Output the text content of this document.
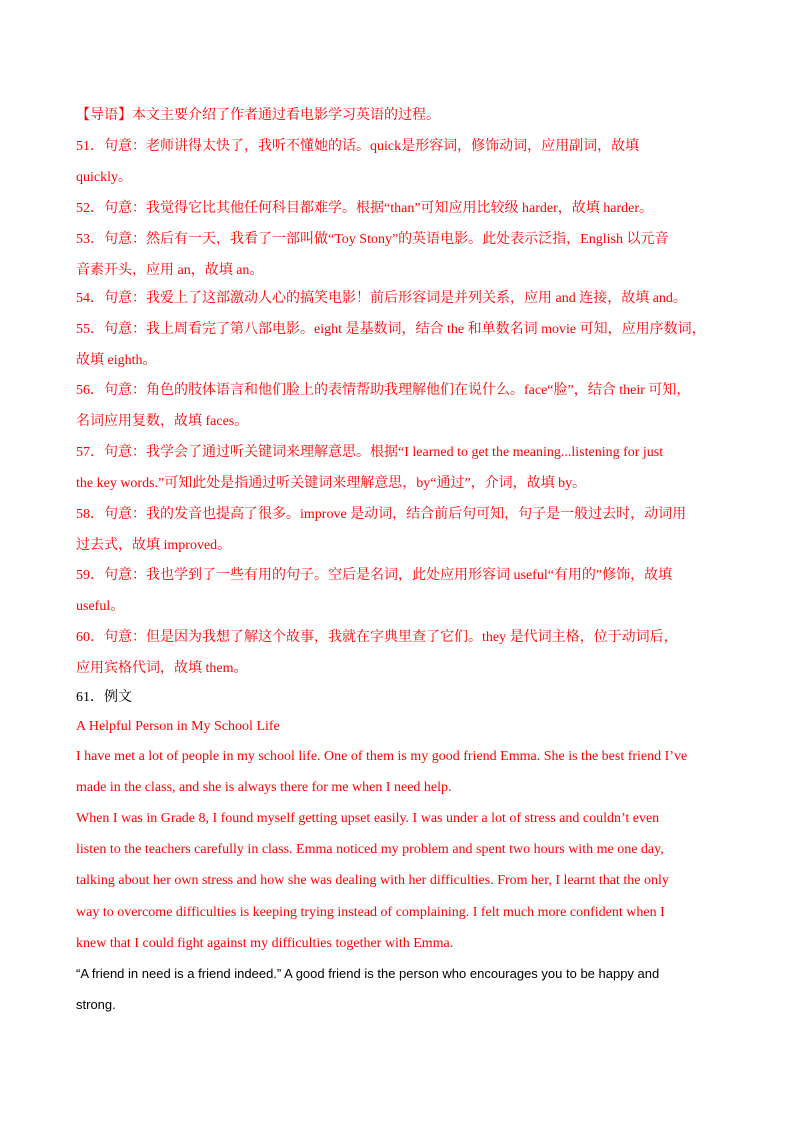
【导语】本文主要介绍了作者通过看电影学习英语的过程。
51．句意：老师讲得太快了，我听不懂她的话。quick是形容词，修饰动词，应用副词，故填
quickly。
52．句意：我觉得它比其他任何科目都难学。根据“than”可知应用比较级 harder，故填 harder。
53．句意：然后有一天，我看了一部叫做“Toy Stony”的英语电影。此处表示泛指，English 以元音
音素开头，应用 an，故填 an。
54．句意：我爱上了这部激动人心的搞笑电影！前后形容词是并列关系，应用 and 连接，故填 and。
55．句意：我上周看完了第八部电影。eight 是基数词，结合 the 和单数名词 movie 可知，应用序数词，
故填 eighth。
56．句意：角色的肢体语言和他们脸上的表情帮助我理解他们在说什么。face“脸”，结合 their 可知，
名词应用复数，故填 faces。
57．句意：我学会了通过听关键词来理解意思。根据“I learned to get the meaning...listening for just
the key words.”可知此处是指通过听关键词来理解意思，by“通过”，介词，故填 by。
58．句意：我的发音也提高了很多。improve 是动词，结合前后句可知，句子是一般过去时，动词用
过去式，故填 improved。
59．句意：我也学到了一些有用的句子。空后是名词，此处应用形容词 useful“有用的”修饰，故填
useful。
60．句意：但是因为我想了解这个故事，我就在字典里查了它们。they 是代词主格，位于动词后，
应用宾格代词，故填 them。
61．例文
A Helpful Person in My School Life
I have met a lot of people in my school life. One of them is my good friend Emma. She is the best friend I’ve
made in the class, and she is always there for me when I need help.
When I was in Grade 8, I found myself getting upset easily. I was under a lot of stress and couldn’t even
listen to the teachers carefully in class. Emma noticed my problem and spent two hours with me one day,
talking about her own stress and how she was dealing with her difficulties. From her, I learnt that the only
way to overcome difficulties is keeping trying instead of complaining. I felt much more confident when I
knew that I could fight against my difficulties together with Emma.
“A friend in need is a friend indeed.” A good friend is the person who encourages you to be happy and
strong.
